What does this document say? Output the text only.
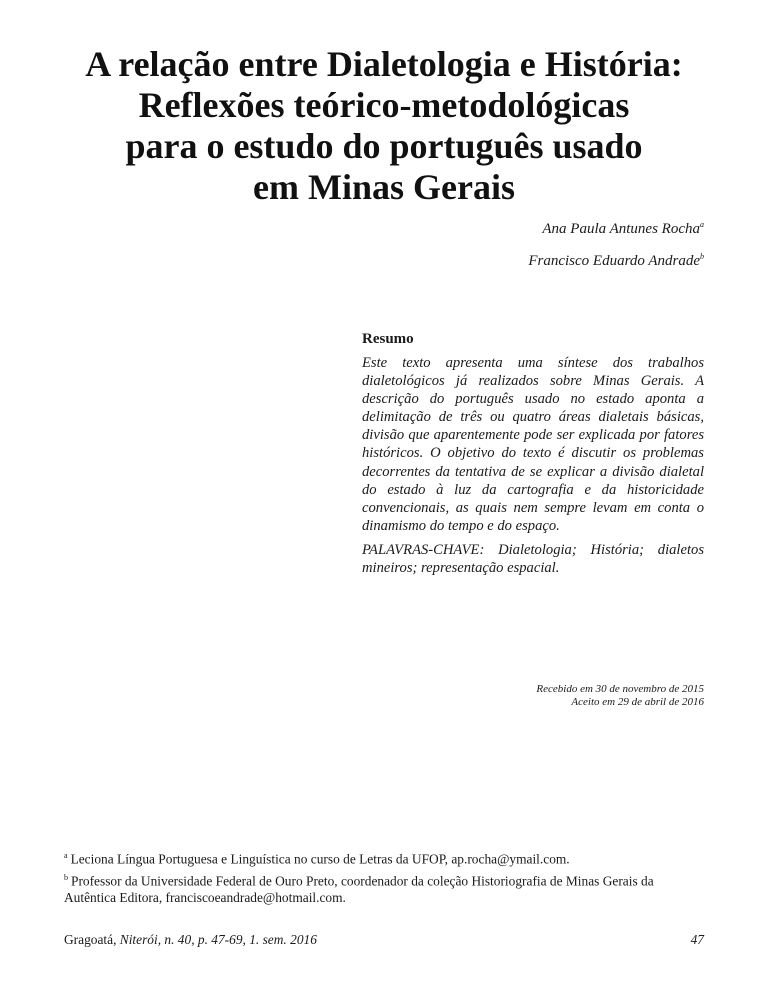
A relação entre Dialetologia e História:
Reflexões teórico-metodológicas
para o estudo do português usado
em Minas Gerais
Ana Paula Antunes Rocha$^a$
Francisco Eduardo Andrade$^b$

Resumo

Este texto apresenta uma síntese dos trabalhos dialetológicos já realizados sobre Minas Gerais. A descrição do português usado no estado aponta a delimitação de três ou quatro áreas dialetais básicas, divisão que aparentemente pode ser explicada por fatores históricos. O objetivo do texto é discutir os problemas decorrentes da tentativa de se explicar a divisão dialetal do estado à luz da cartografia e da historicidade convencionais, as quais nem sempre levam em conta o dinamismo do tempo e do espaço.

PALAVRAS-CHAVE: Dialetologia; História; dialetos mineiros; representação espacial.

Recebido em 30 de novembro de 2015
Aceito em 29 de abril de 2016

$^a$ Leciona Língua Portuguesa e Linguística no curso de Letras da UFOP, ap.rocha@ymail.com.

$^b$ Professor da Universidade Federal de Ouro Preto, coordenador da coleção Historiografia de Minas Gerais da Autêntica Editora, franciscoeandrade@hotmail.com.

Gragoatá, Niterói, n. 40, p. 47-69, 1. sem. 2016	47
